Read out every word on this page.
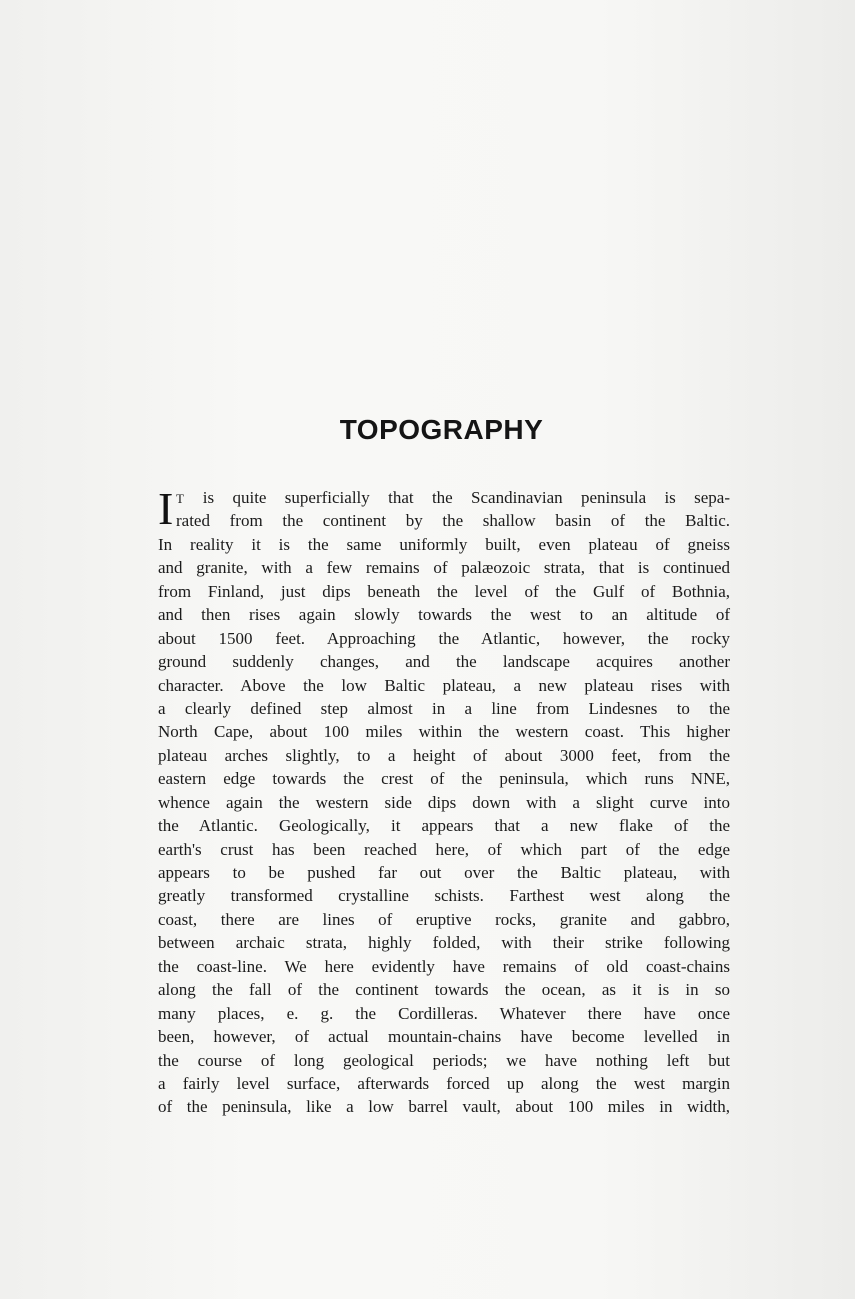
TOPOGRAPHY
I T is quite superficially that the Scandinavian peninsula is sepa-
rated from the continent by the shallow basin of the Baltic.
In reality it is the same uniformly built, even plateau of gneiss
and granite, with a few remains of palæozoic strata, that is continued
from Finland, just dips beneath the level of the Gulf of Bothnia,
and then rises again slowly towards the west to an altitude of
about 1500 feet. Approaching the Atlantic, however, the rocky
ground suddenly changes, and the landscape acquires another
character. Above the low Baltic plateau, a new plateau rises with
a clearly defined step almost in a line from Lindesnes to the
North Cape, about 100 miles within the western coast. This higher
plateau arches slightly, to a height of about 3000 feet, from the
eastern edge towards the crest of the peninsula, which runs NNE,
whence again the western side dips down with a slight curve into
the Atlantic. Geologically, it appears that a new flake of the
earth's crust has been reached here, of which part of the edge
appears to be pushed far out over the Baltic plateau, with
greatly transformed crystalline schists. Farthest west along the
coast, there are lines of eruptive rocks, granite and gabbro,
between archaic strata, highly folded, with their strike following
the coast-line. We here evidently have remains of old coast-chains
along the fall of the continent towards the ocean, as it is in so
many places, e. g. the Cordilleras. Whatever there have once
been, however, of actual mountain-chains have become levelled in
the course of long geological periods; we have nothing left but
a fairly level surface, afterwards forced up along the west margin
of the peninsula, like a low barrel vault, about 100 miles in width,
